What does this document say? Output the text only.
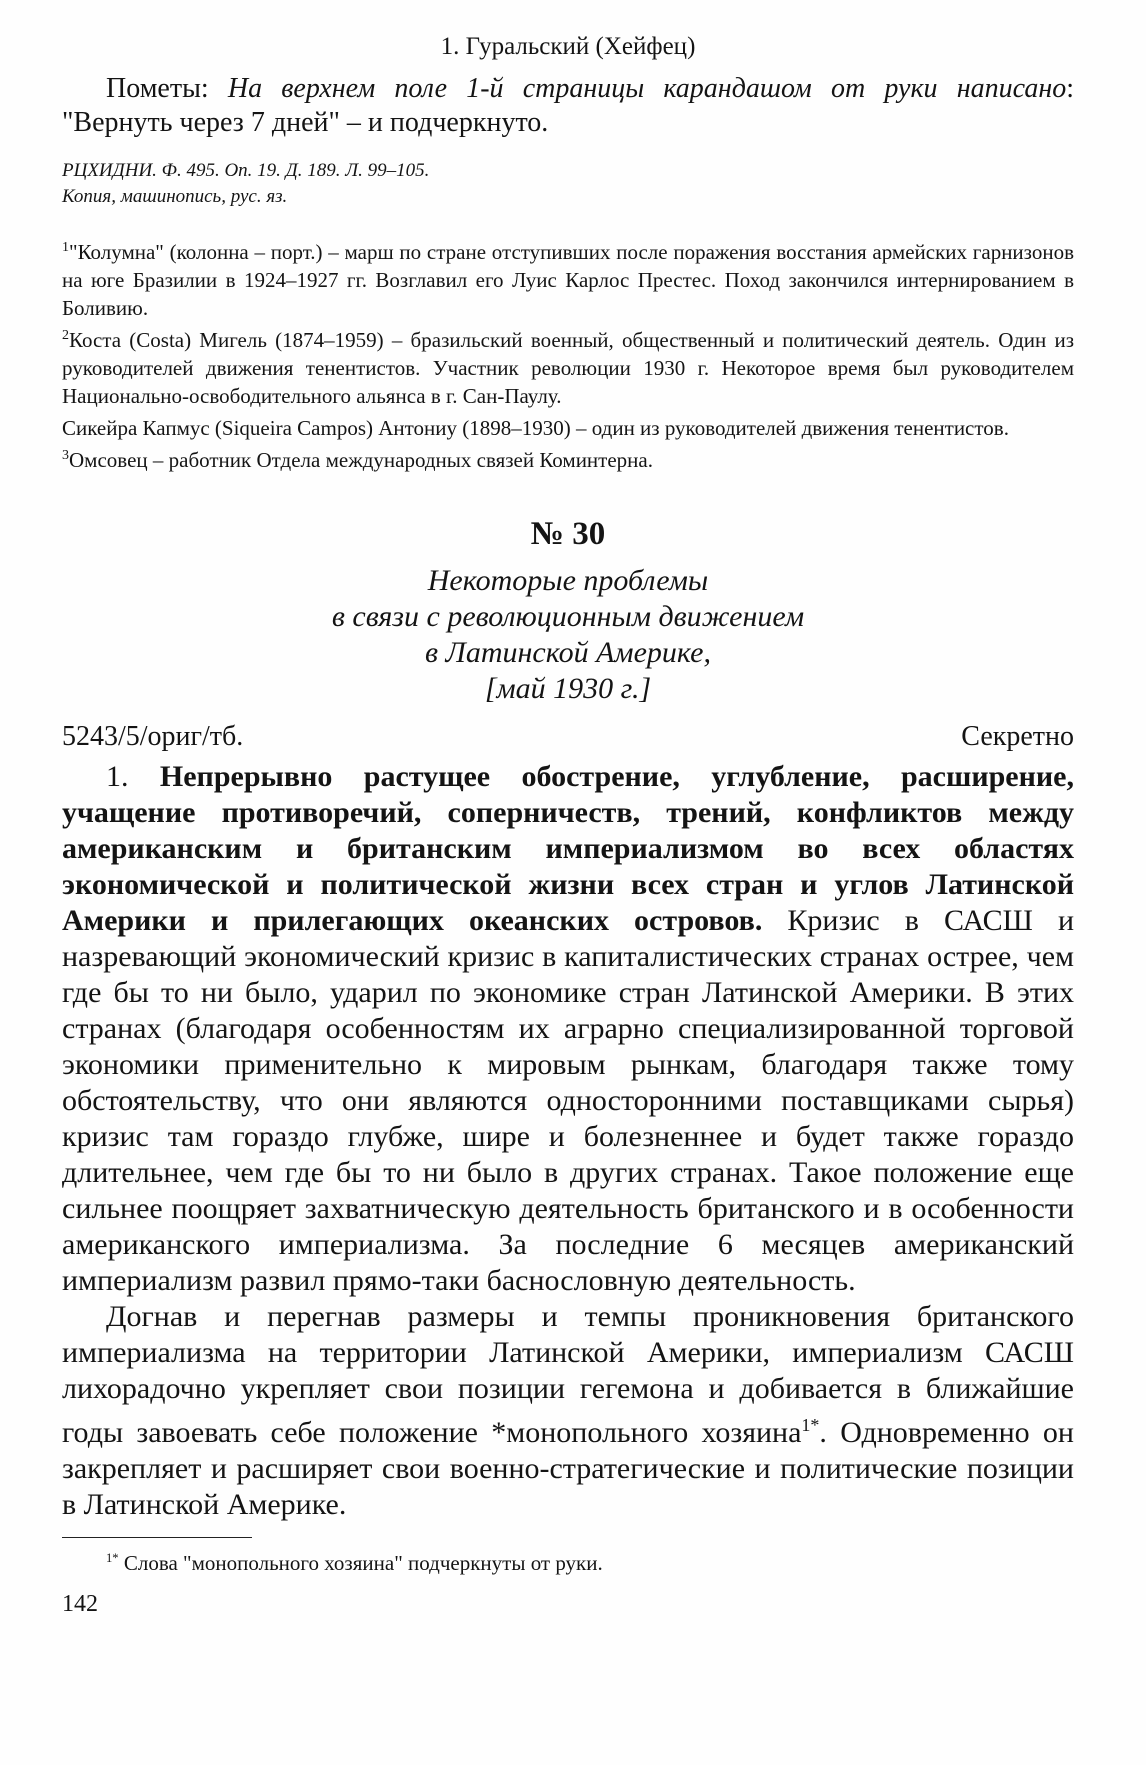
1. Гуральский (Хейфец)
Пометы: На верхнем поле 1-й страницы карандашом от руки написано: "Вернуть через 7 дней" – и подчеркнуто.
РЦХИДНИ. Ф. 495. Оп. 19. Д. 189. Л. 99–105.
Копия, машинопись, рус. яз.

$^1$"Колумна" (колонна – порт.) – марш по стране отступивших после поражения восстания армейских гарнизонов на юге Бразилии в 1924–1927 гг. Возглавил его Луис Карлос Престес. Поход закончился интернированием в Боливию.

$^2$Коста (Costa) Мигель (1874–1959) – бразильский военный, общественный и политический деятель. Один из руководителей движения тенентистов. Участник революции 1930 г. Некоторое время был руководителем Национально-освободительного альянса в г. Сан-Паулу.

Сикейра Капмус (Siqueira Campos) Антониу (1898–1930) – один из руководителей движения тенентистов.

$^3$Омсовец – работник Отдела международных связей Коминтерна.

№ 30
Некоторые проблемы
в связи с революционным движением
в Латинской Америке,
[май 1930 г.]
5243/5/ориг/тб.	Секретно

1. Непрерывно растущее обострение, углубление, расширение, учащение противоречий, соперничеств, трений, конфликтов между американским и британским империализмом во всех областях экономической и политической жизни всех стран и углов Латинской Америки и прилегающих океанских островов. Кризис в САСШ и назревающий экономический кризис в капиталистических странах острее, чем где бы то ни было, ударил по экономике стран Латинской Америки. В этих странах (благодаря особенностям их аграрно специализированной торговой экономики применительно к мировым рынкам, благодаря также тому обстоятельству, что они являются односторонними поставщиками сырья) кризис там гораздо глубже, шире и болезненнее и будет также гораздо длительнее, чем где бы то ни было в других странах. Такое положение еще сильнее поощряет захватническую деятельность британского и в особенности американского империализма. За последние 6 месяцев американский империализм развил прямо-таки баснословную деятельность.

Догнав и перегнав размеры и темпы проникновения британского империализма на территории Латинской Америки, империализм САСШ лихорадочно укрепляет свои позиции гегемона и добивается в ближайшие годы завоевать себе положение *монопольного хозяина$^{1*}$. Одновременно он закрепляет и расширяет свои военно-стратегические и политические позиции в Латинской Америке.

$^{1*}$ Слова "монопольного хозяина" подчеркнуты от руки.
142
